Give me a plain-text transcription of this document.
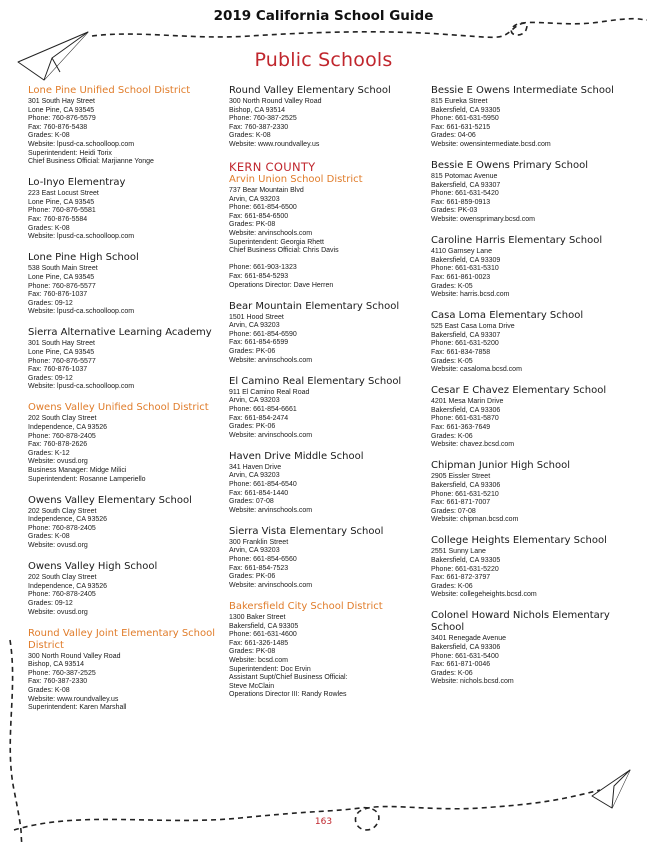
2019 California School Guide
Public Schools
Lone Pine Unified School District
301 South Hay Street
Lone Pine, CA 93545
Phone: 760-876-5579
Fax: 760-876-5438
Grades: K-08
Website: lpusd-ca.schoolloop.com
Superintendent: Heidi Torix
Chief Business Official: Marjianne Yonge
Lo-Inyo Elementray
223 East Locust Street
Lone Pine, CA 93545
Phone: 760-876-5581
Fax: 760-876-5584
Grades: K-08
Website: lpusd-ca.schoolloop.com
Lone Pine High School
538 South Main Street
Lone Pine, CA 93545
Phone: 760-876-5577
Fax: 760-876-1037
Grades: 09-12
Website: lpusd-ca.schoolloop.com
Sierra Alternative Learning Academy
301 South Hay Street
Lone Pine, CA 93545
Phone: 760-876-5577
Fax: 760-876-1037
Grades: 09-12
Website: lpusd-ca.schoolloop.com
Owens Valley Unified School District
202 South Clay Street
Independence, CA 93526
Phone: 760-878-2405
Fax: 760-878-2626
Grades: K-12
Website: ovusd.org
Business Manager: Midge Milici
Superintendent: Rosanne Lamperiello
Owens Valley Elementary School
202 South Clay Street
Independence, CA 93526
Phone: 760-878-2405
Grades: K-08
Website: ovusd.org
Owens Valley High School
202 South Clay Street
Independence, CA 93526
Phone: 760-878-2405
Grades: 09-12
Website: ovusd.org
Round Valley Joint Elementary School District
300 North Round Valley Road
Bishop, CA 93514
Phone: 760-387-2525
Fax: 760-387-2330
Grades: K-08
Website: www.roundvalley.us
Superintendent: Karen Marshall
Round Valley Elementary School
300 North Round Valley Road
Bishop, CA 93514
Phone: 760-387-2525
Fax: 760-387-2330
Grades: K-08
Website: www.roundvalley.us
KERN COUNTY
Arvin Union School District
737 Bear Mountain Blvd
Arvin, CA 93203
Phone: 661-854-6500
Fax: 661-854-6500
Grades: PK-08
Website: arvinschools.com
Superintendent: Georgia Rhett
Chief Business Official: Chris Davis
Phone: 661-903-1323
Fax: 661-854-5293
Operations Director: Dave Herren
Bear Mountain Elementary School
1501 Hood Street
Arvin, CA 93203
Phone: 661-854-6590
Fax: 661-854-6599
Grades: PK-06
Website: arvinschools.com
El Camino Real Elementary School
911 El Camino Real Road
Arvin, CA 93203
Phone: 661-854-6661
Fax: 661-854-2474
Grades: PK-06
Website: arvinschools.com
Haven Drive Middle School
341 Haven Drive
Arvin, CA 93203
Phone: 661-854-6540
Fax: 661-854-1440
Grades: 07-08
Website: arvinschools.com
Sierra Vista Elementary School
300 Franklin Street
Arvin, CA 93203
Phone: 661-854-6560
Fax: 661-854-7523
Grades: PK-06
Website: arvinschools.com
Bakersfield City School District
1300 Baker Street
Bakersfield, CA 93305
Phone: 661-631-4600
Fax: 661-326-1485
Grades: PK-08
Website: bcsd.com
Superintendent: Doc Ervin
Assistant Supt/Chief Business Official:
Steve McClain
Operations Director III: Randy Rowles
Bessie E Owens Intermediate School
815 Eureka Street
Bakersfield, CA 93305
Phone: 661-631-5950
Fax: 661-631-5215
Grades: 04-06
Website: owensintermediate.bcsd.com
Bessie E Owens Primary School
815 Potomac Avenue
Bakersfield, CA 93307
Phone: 661-631-5420
Fax: 661-859-0913
Grades: PK-03
Website: owensprimary.bcsd.com
Caroline Harris Elementary School
4110 Garnsey Lane
Bakersfield, CA 93309
Phone: 661-631-5310
Fax: 661-861-0023
Grades: K-05
Website: harris.bcsd.com
Casa Loma Elementary School
525 East Casa Loma Drive
Bakersfield, CA 93307
Phone: 661-631-5200
Fax: 661-834-7858
Grades: K-05
Website: casaloma.bcsd.com
Cesar E Chavez Elementary School
4201 Mesa Marin Drive
Bakersfield, CA 93306
Phone: 661-631-5870
Fax: 661-363-7649
Grades: K-06
Website: chavez.bcsd.com
Chipman Junior High School
2905 Eissler Street
Bakersfield, CA 93306
Phone: 661-631-5210
Fax: 661-871-7007
Grades: 07-08
Website: chipman.bcsd.com
College Heights Elementary School
2551 Sunny Lane
Bakersfield, CA 93305
Phone: 661-631-5220
Fax: 661-872-3797
Grades: K-06
Website: collegeheights.bcsd.com
Colonel Howard Nichols Elementary School
3401 Renegade Avenue
Bakersfield, CA 93306
Phone: 661-631-5400
Fax: 661-871-0046
Grades: K-06
Website: nichols.bcsd.com
163
